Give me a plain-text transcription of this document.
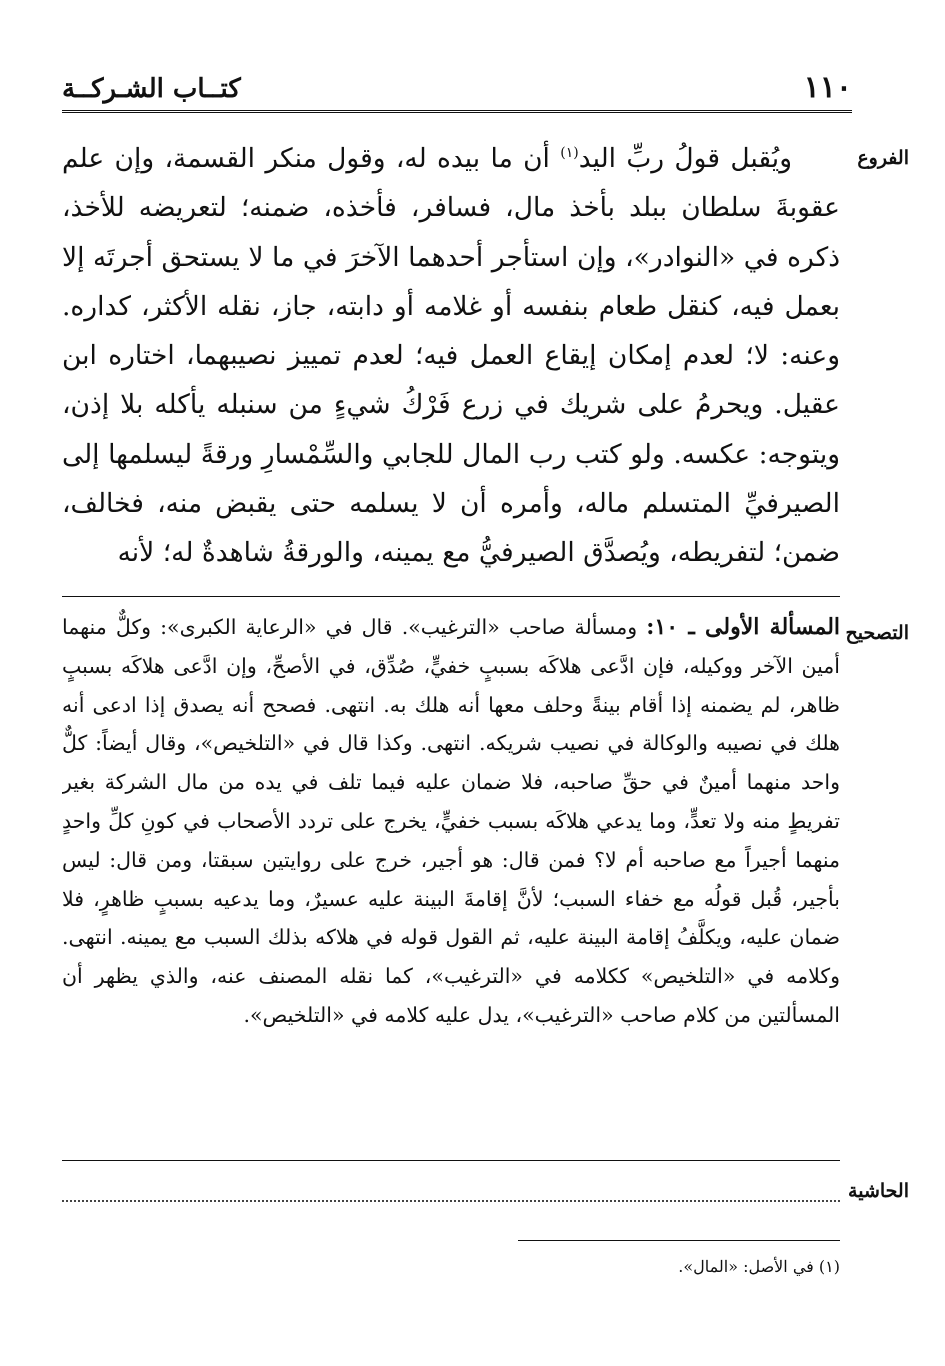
١١٠
كتــاب الشـركــة
الفروع

ويُقبل قولُ ربِّ اليد$^{(١)}$ أن ما بيده له، وقول منكر القسمة، وإن علم عقوبةَ سلطان ببلد بأخذ مال، فسافر، فأخذه، ضمنه؛ لتعريضه للأخذ، ذكره في «النوادر»، وإن استأجر أحدهما الآخرَ في ما لا يستحق أجرتَه إلا بعمل فيه، كنقل طعام بنفسه أو غلامه أو دابته، جاز، نقله الأكثر، كداره. وعنه: لا؛ لعدم إمكان إيقاع العمل فيه؛ لعدم تمييز نصيبهما، اختاره ابن عقيل. ويحرمُ على شريك في زرع فَرْكُ شيءٍ من سنبله يأكله بلا إذن، ويتوجه: عكسه. ولو كتب رب المال للجابي والسِّمْسارِ ورقةً ليسلمها إلى الصيرفيِّ المتسلم ماله، وأمره أن لا يسلمه حتى يقبض منه، فخالف، ضمن؛ لتفريطه، ويُصدَّق الصيرفيُّ مع يمينه، والورقةُ شاهدةٌ له؛ لأنه

التصحيح

المسألة الأولى ـ ١٠: ومسألة صاحب «الترغيب». قال في «الرعاية الكبرى»: وكلٌّ منهما أمين الآخر ووكيله، فإن ادَّعى هلاكَه بسببٍ خفيٍّ، صُدِّق، في الأصحِّ، وإن ادَّعى هلاكَه بسببٍ ظاهر، لم يضمنه إذا أقام بينةً وحلف معها أنه هلك به. انتهى. فصحح أنه يصدق إذا ادعى أنه هلك في نصيبه والوكالة في نصيب شريكه. انتهى. وكذا قال في «التلخيص»، وقال أيضاً: كلٌّ واحد منهما أمينٌ في حقِّ صاحبه، فلا ضمان عليه فيما تلف في يده من مال الشركة بغير تفريطٍ منه ولا تعدٍّ، وما يدعي هلاكَه بسبب خفيٍّ، يخرج على تردد الأصحاب في كونِ كلِّ واحدٍ منهما أجيراً مع صاحبه أم لا؟ فمن قال: هو أجير، خرج على روايتين سبقتا، ومن قال: ليس بأجير، قُبل قولُه مع خفاء السبب؛ لأنَّ إقامةَ البينة عليه عسيرٌ، وما يدعيه بسببٍ ظاهرٍ، فلا ضمان عليه، ويكلَّفُ إقامة البينة عليه، ثم القول قوله في هلاكه بذلك السبب مع يمينه. انتهى. وكلامه في «التلخيص» ككلامه في «الترغيب»، كما نقله المصنف عنه، والذي يظهر أن المسألتين من كلام صاحب «الترغيب»، يدل عليه كلامه في «التلخيص».

الحاشية
(١) في الأصل: «المال».
